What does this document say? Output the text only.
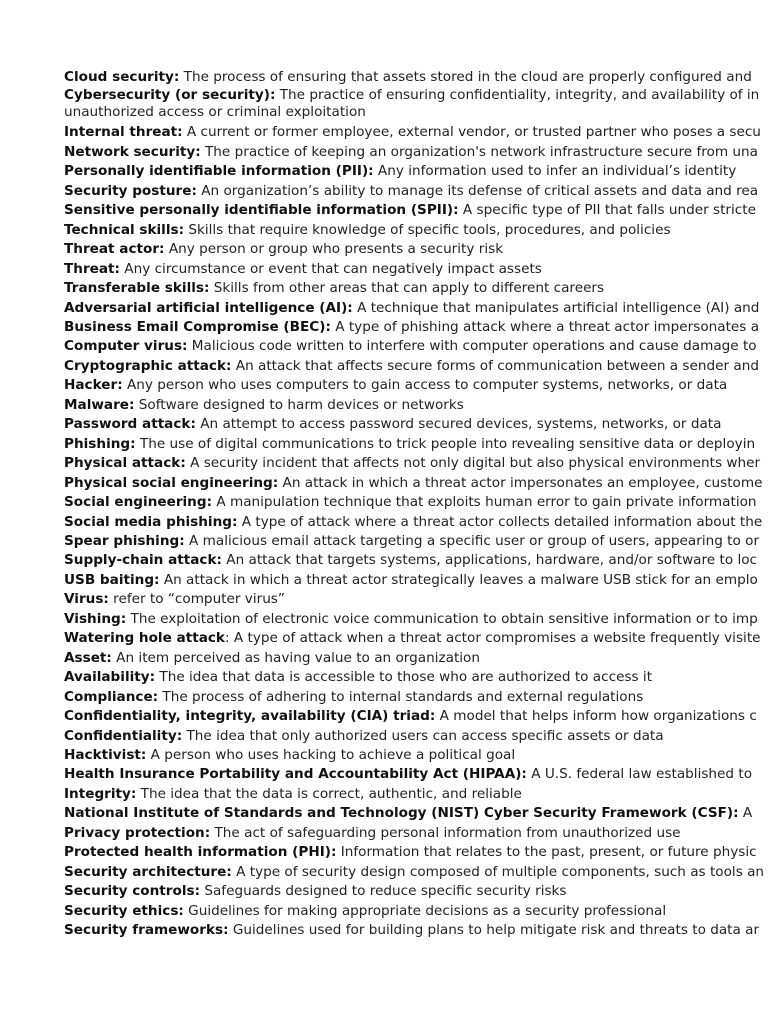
Cloud security: The process of ensuring that assets stored in the cloud are properly configured and
Cybersecurity (or security): The practice of ensuring confidentiality, integrity, and availability of in unauthorized access or criminal exploitation
Internal threat: A current or former employee, external vendor, or trusted partner who poses a secu
Network security: The practice of keeping an organization's network infrastructure secure from una
Personally identifiable information (PII): Any information used to infer an individual’s identity
Security posture: An organization’s ability to manage its defense of critical assets and data and rea
Sensitive personally identifiable information (SPII): A specific type of PII that falls under stricte
Technical skills: Skills that require knowledge of specific tools, procedures, and policies
Threat actor: Any person or group who presents a security risk
Threat: Any circumstance or event that can negatively impact assets
Transferable skills: Skills from other areas that can apply to different careers
Adversarial artificial intelligence (AI): A technique that manipulates artificial intelligence (AI) and
Business Email Compromise (BEC): A type of phishing attack where a threat actor impersonates a
Computer virus: Malicious code written to interfere with computer operations and cause damage to
Cryptographic attack: An attack that affects secure forms of communication between a sender and
Hacker: Any person who uses computers to gain access to computer systems, networks, or data
Malware: Software designed to harm devices or networks
Password attack: An attempt to access password secured devices, systems, networks, or data
Phishing: The use of digital communications to trick people into revealing sensitive data or deployin
Physical attack: A security incident that affects not only digital but also physical environments wher
Physical social engineering: An attack in which a threat actor impersonates an employee, custome
Social engineering: A manipulation technique that exploits human error to gain private information
Social media phishing: A type of attack where a threat actor collects detailed information about the
Spear phishing: A malicious email attack targeting a specific user or group of users, appearing to or
Supply-chain attack: An attack that targets systems, applications, hardware, and/or software to loc
USB baiting: An attack in which a threat actor strategically leaves a malware USB stick for an emplo
Virus: refer to “computer virus”
Vishing: The exploitation of electronic voice communication to obtain sensitive information or to imp
Watering hole attack: A type of attack when a threat actor compromises a website frequently visite
Asset: An item perceived as having value to an organization
Availability: The idea that data is accessible to those who are authorized to access it
Compliance: The process of adhering to internal standards and external regulations
Confidentiality, integrity, availability (CIA) triad: A model that helps inform how organizations c
Confidentiality: The idea that only authorized users can access specific assets or data
Hacktivist: A person who uses hacking to achieve a political goal
Health Insurance Portability and Accountability Act (HIPAA): A U.S. federal law established to
Integrity: The idea that the data is correct, authentic, and reliable
National Institute of Standards and Technology (NIST) Cyber Security Framework (CSF): A
Privacy protection: The act of safeguarding personal information from unauthorized use
Protected health information (PHI): Information that relates to the past, present, or future physic
Security architecture: A type of security design composed of multiple components, such as tools an
Security controls: Safeguards designed to reduce specific security risks
Security ethics: Guidelines for making appropriate decisions as a security professional
Security frameworks: Guidelines used for building plans to help mitigate risk and threats to data ar
